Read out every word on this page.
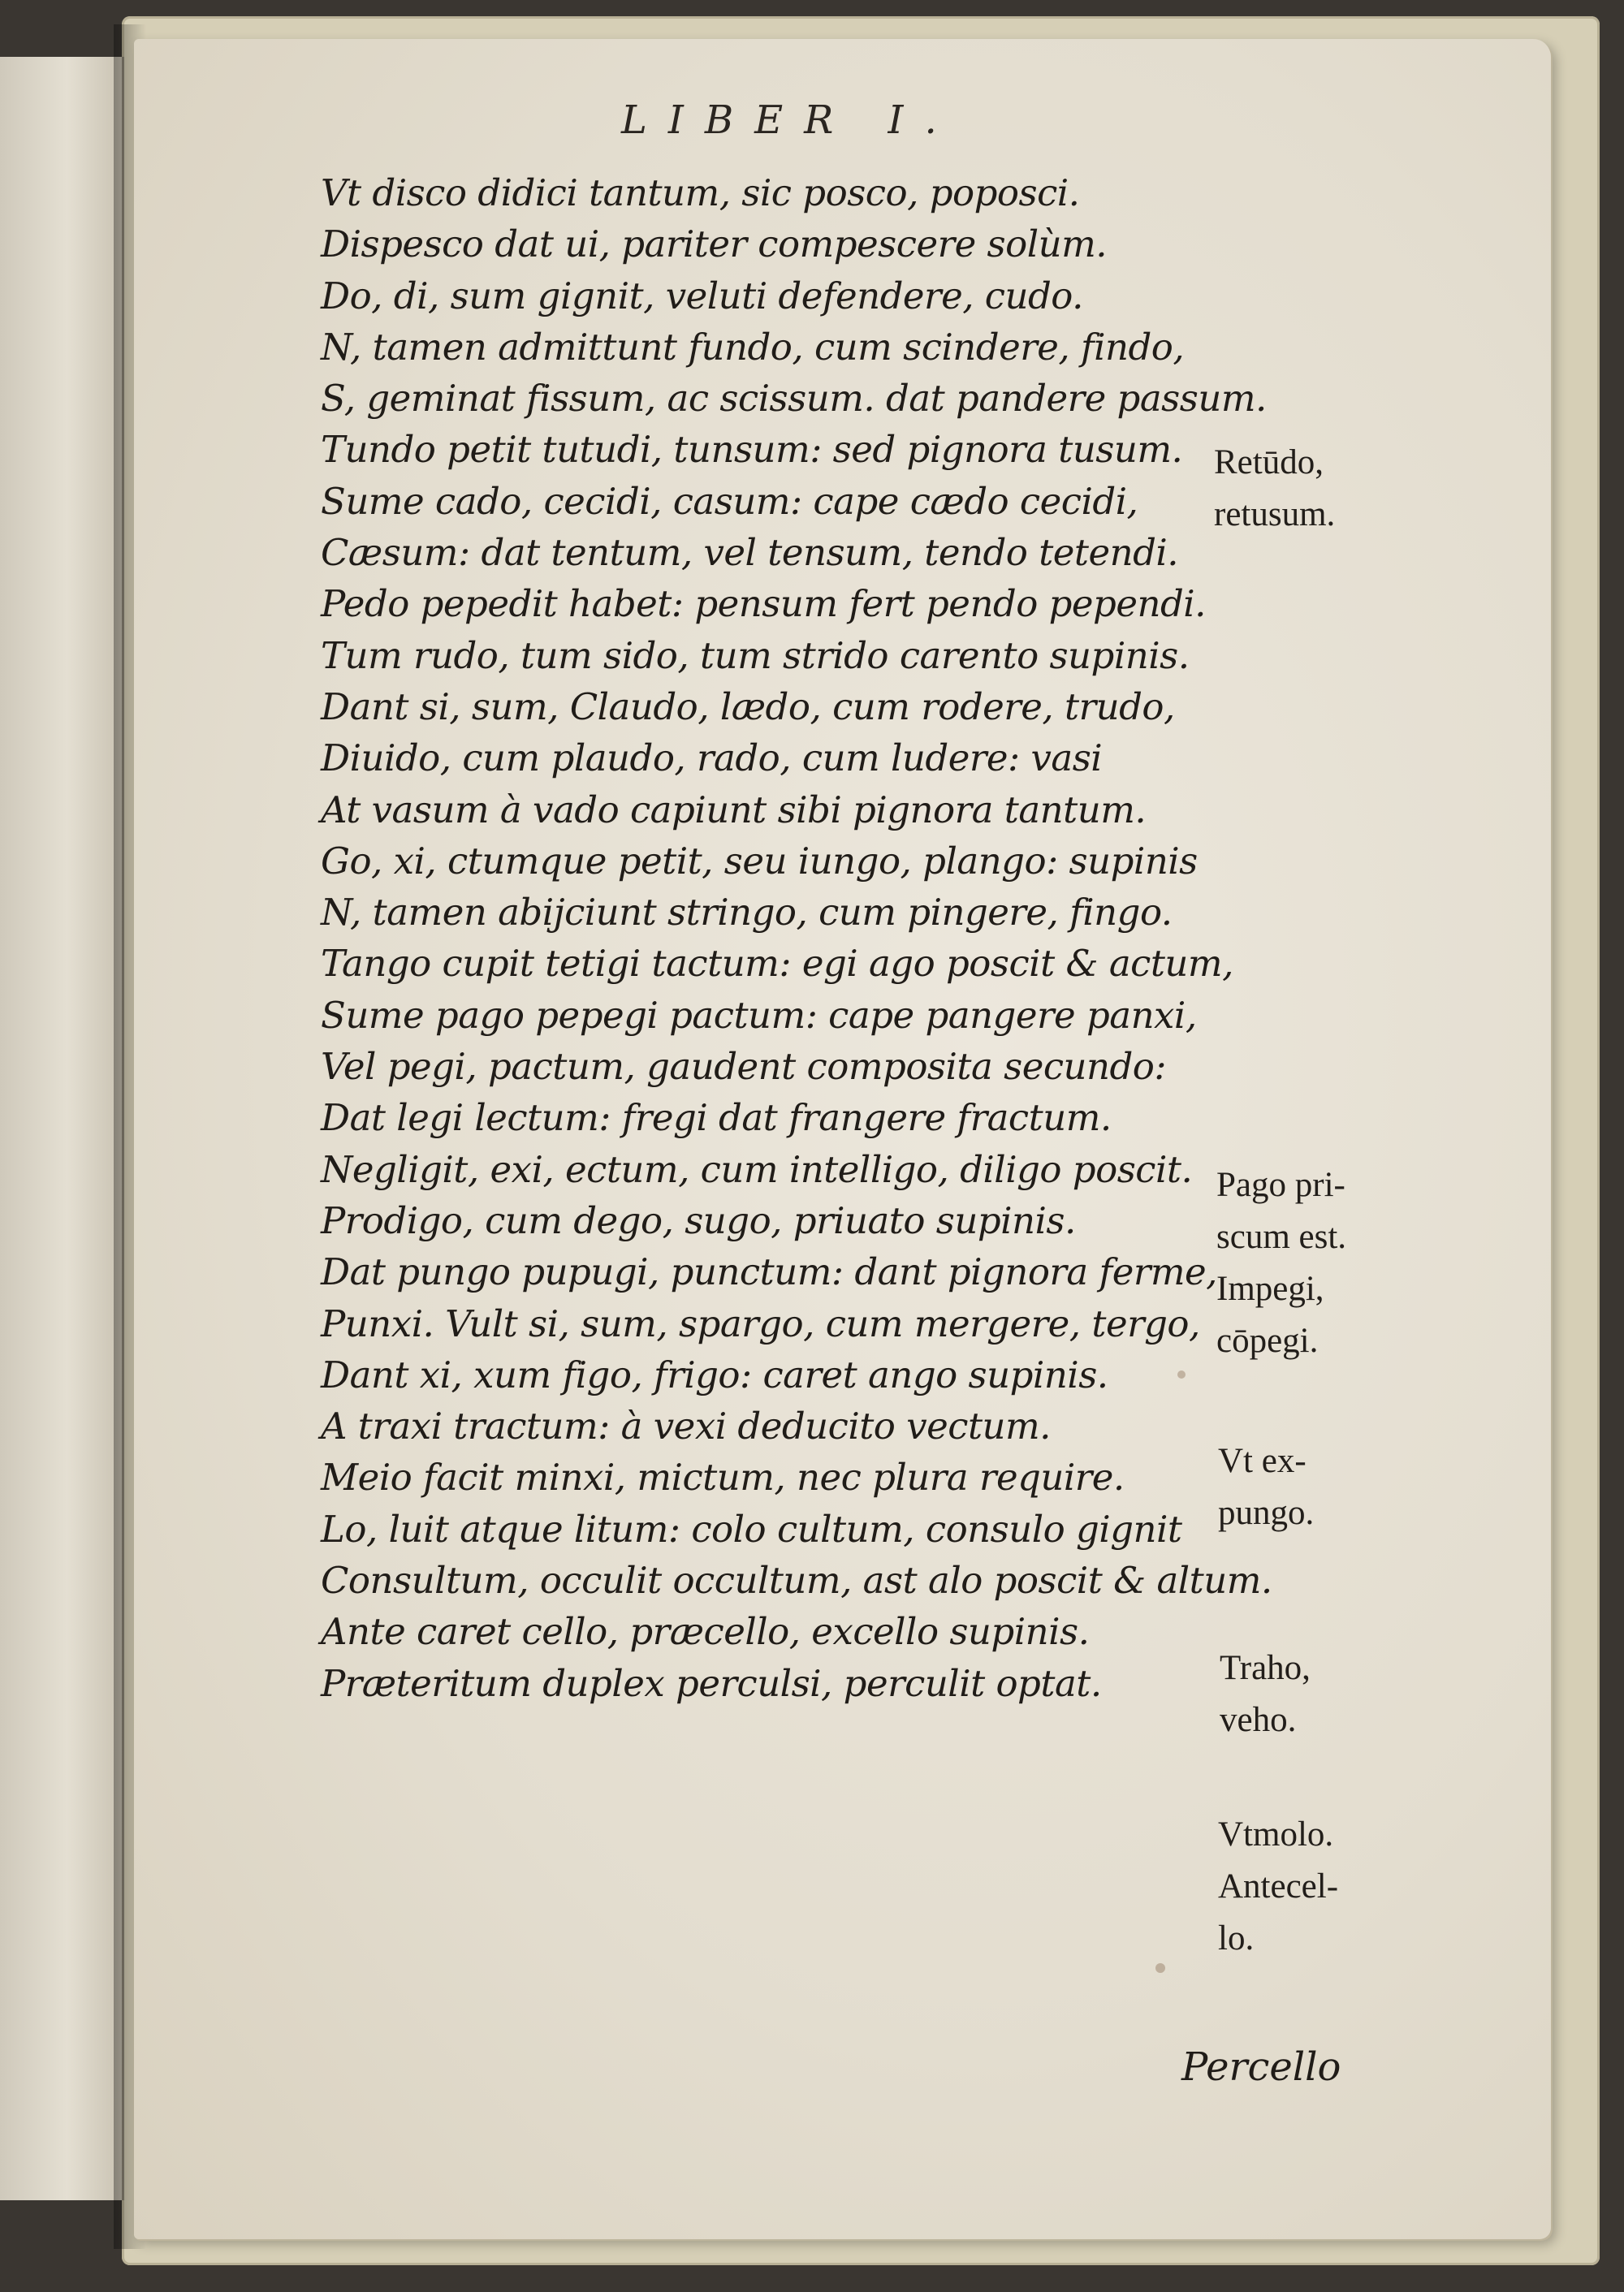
LIBER I.
Vt disco didici tantum, sic posco, poposci.
Dispesco dat ui, pariter compescere solùm.
Do, di, sum gignit, veluti defendere, cudo.
N, tamen admittunt fundo, cum scindere, findo,
S, geminat fissum, ac scissum. dat pandere passum.
Tundo petit tutudi, tunsum: sed pignora tusum.
Sume cado, cecidi, casum: cape cædo cecidi,
Cæsum: dat tentum, vel tensum, tendo tetendi.
Pedo pepedit habet: pensum fert pendo pependi.
Tum rudo, tum sido, tum strido carento supinis.
Dant si, sum, Claudo, lædo, cum rodere, trudo,
Diuido, cum plaudo, rado, cum ludere: vasi
At vasum à vado capiunt sibi pignora tantum.
Go, xi, ctumque petit, seu iungo, plango: supinis
N, tamen abijciunt stringo, cum pingere, fingo.
Tango cupit tetigi tactum: egi ago poscit & actum,
Sume pago pepegi pactum: cape pangere panxi,
Vel pegi, pactum, gaudent composita secundo:
Dat legi lectum: fregi dat frangere fractum.
Negligit, exi, ectum, cum intelligo, diligo poscit.
Prodigo, cum dego, sugo, priuato supinis.
Dat pungo pupugi, punctum: dant pignora ferme,
Punxi. Vult si, sum, spargo, cum mergere, tergo,
Dant xi, xum figo, frigo: caret ango supinis.
A traxi tractum: à vexi deducito vectum.
Meio facit minxi, mictum, nec plura require.
Lo, luit atque litum: colo cultum, consulo gignit
Consultum, occulit occultum, ast alo poscit & altum.
Ante caret cello, præcello, excello supinis.
Præteritum duplex perculsi, perculit optat.
Retūdo,
retusum.
Pago pri-
scum est.
Impegi,
cōpegi.
Vt ex-
pungo.
Traho,
veho.
Vtmolo.
Antecel-
lo.
Percello
